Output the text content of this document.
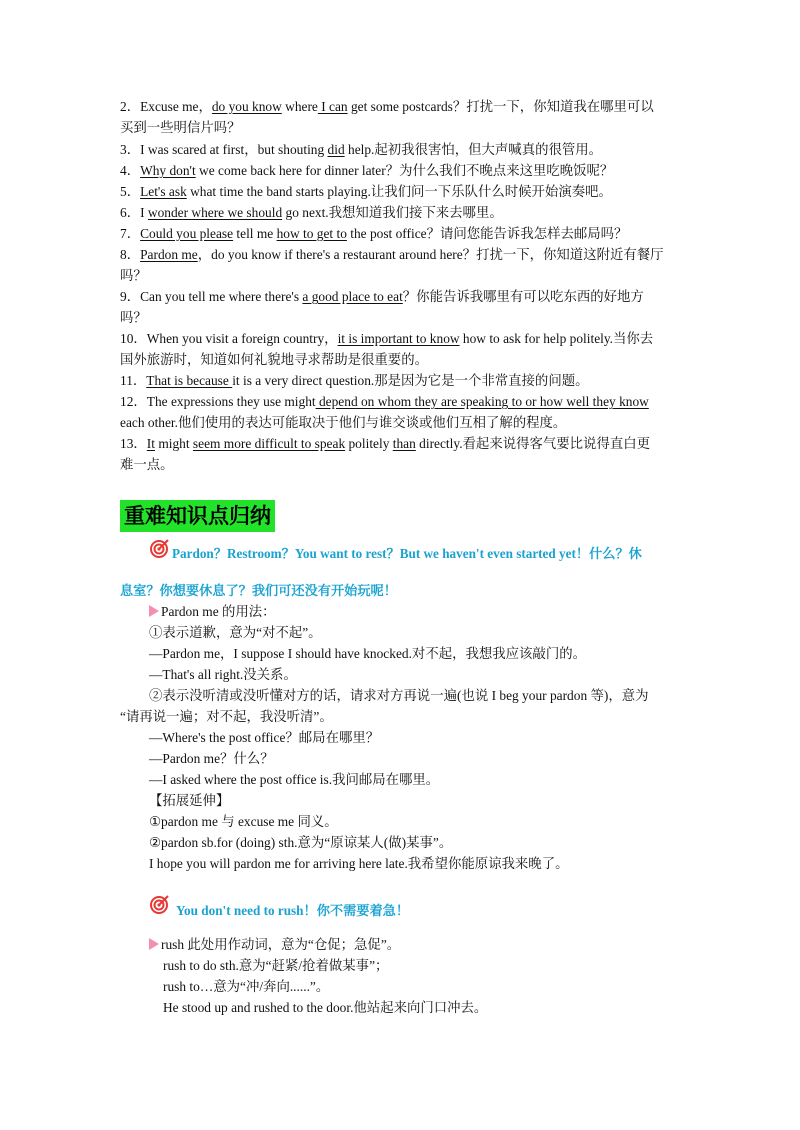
2．Excuse me，do you know where I can get some postcards？打扰一下，你知道我在哪里可以
买到一些明信片吗？
3．I was scared at first，but shouting did help.起初我很害怕，但大声喊真的很管用。
4．Why don't we come back here for dinner later？为什么我们不晚点来这里吃晚饭呢？
5．Let's ask what time the band starts playing.让我们问一下乐队什么时候开始演奏吧。
6．I wonder where we should go next.我想知道我们接下来去哪里。
7．Could you please tell me how to get to the post office？请问您能告诉我怎样去邮局吗？
8．Pardon me，do you know if there's a restaurant around here？打扰一下，你知道这附近有餐厅
吗？
9．Can you tell me where there's a good place to eat？你能告诉我哪里有可以吃东西的好地方
吗？
10．When you visit a foreign country，it is important to know how to ask for help politely.当你去
国外旅游时，知道如何礼貌地寻求帮助是很重要的。
11．That is because it is a very direct question.那是因为它是一个非常直接的问题。
12．The expressions they use might depend on whom they are speaking to or how well they know
each other.他们使用的表达可能取决于他们与谁交谈或他们互相了解的程度。
13．It might seem more difficult to speak politely than directly.看起来说得客气要比说得直白更
难一点。
重难知识点归纳
Pardon？Restroom？You want to rest？But we haven't even started yet！什么？休
息室？你想要休息了？我们可还没有开始玩呢！
Pardon me 的用法：
①表示道歉，意为“对不起”。
—Pardon me，I suppose I should have knocked.对不起，我想我应该敲门的。
—That's all right.没关系。
②表示没听清或没听懂对方的话，请求对方再说一遍(也说 I beg your pardon 等)，意为
“请再说一遍；对不起，我没听清”。
—Where's the post office？邮局在哪里？
—Pardon me？什么？
—I asked where the post office is.我问邮局在哪里。
【拓展延伸】
①pardon me 与 excuse me 同义。
②pardon sb.for (doing) sth.意为“原谅某人(做)某事”。
I hope you will pardon me for arriving here late.我希望你能原谅我来晚了。
You don't need to rush！你不需要着急！
rush 此处用作动词，意为“仓促；急促”。
rush to do sth.意为“赶紧/抢着做某事”；
rush to…意为“冲/奔向......”。
He stood up and rushed to the door.他站起来向门口冲去。
